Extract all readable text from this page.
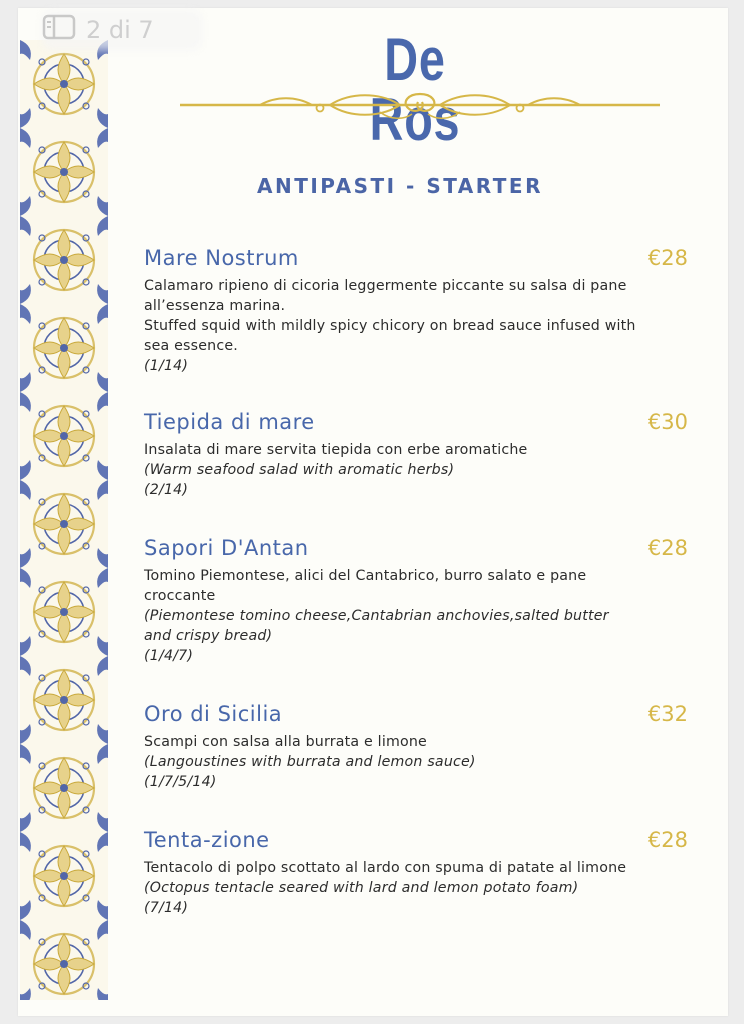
2 di 7	De Ros
ANTIPASTI - STARTER
Mare Nostrum	€28
Calamaro ripieno di cicoria leggermente piccante su salsa di pane
all’essenza marina.
Stuffed squid with mildly spicy chicory on bread sauce infused with
sea essence.
(1/14)
Tiepida di mare	€30
Insalata di mare servita tiepida con erbe aromatiche
(Warm seafood salad with aromatic herbs)
(2/14)
Sapori D'Antan	€28
Tomino Piemontese, alici del Cantabrico, burro salato e pane
croccante
(Piemontese tomino cheese,Cantabrian anchovies,salted butter
and crispy bread)
(1/4/7)
Oro di Sicilia	€32
Scampi con salsa alla burrata e limone
(Langoustines with burrata and lemon sauce)
(1/7/5/14)
Tenta-zione	€28
Tentacolo di polpo scottato al lardo con spuma di patate al limone
(Octopus tentacle seared with lard and lemon potato foam)
(7/14)
